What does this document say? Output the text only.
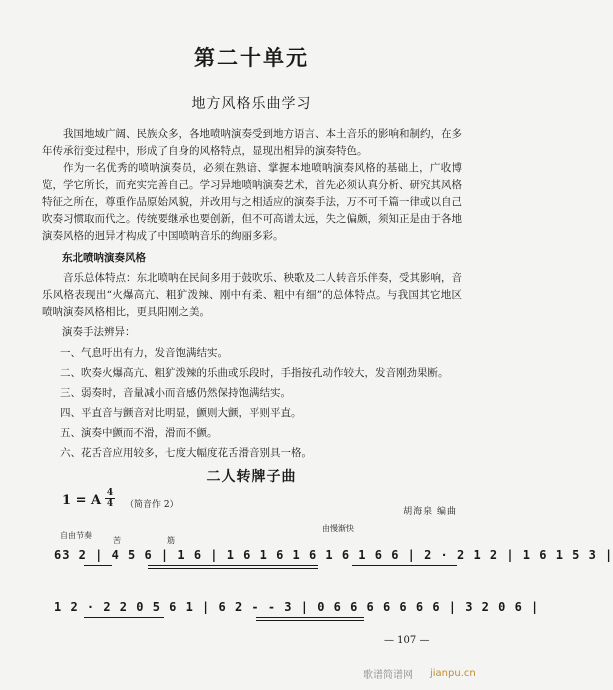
第二十单元
地方风格乐曲学习

我国地域广阔、民族众多，各地喷呐演奏受到地方语言、本土音乐的影响和制约，在多年传承衍变过程中，形成了自身的风格特点，显现出相异的演奏特色。

作为一名优秀的喷呐演奏员，必须在熟谙、掌握本地喷呐演奏风格的基础上，广收博览，学它所长，而充实完善自己。学习异地喷呐演奏艺术，首先必须认真分析、研究其风格特征之所在，尊重作品原始风貌，并改用与之相适应的演奏手法，万不可千篇一律或以自己吹奏习惯取而代之。传统要继承也要创新，但不可高谱太远，失之偏颇，须知正是由于各地演奏风格的迥异才构成了中国喷呐音乐的绚丽多彩。

东北喷呐演奏风格

音乐总体特点：东北喷呐在民间多用于鼓吹乐、秧歌及二人转音乐伴奏，受其影响，音乐风格表现出“火爆高亢、粗犷泼辣、刚中有柔、粗中有细”的总体特点。与我国其它地区喷呐演奏风格相比，更具阳刚之美。

演奏手法辨异：
一、气息吁出有力，发音饱满结实。
二、吹奏火爆高亢、粗犷泼辣的乐曲或乐段时，手指按孔动作较大，发音刚劲果断。
三、弱奏时，音量减小而音感仍然保持饱满结实。
四、平直音与颤音对比明显，颤则大颤，平则平直。
五、演奏中颤而不滑，滑而不颤。
六、花舌音应用较多，七度大幅度花舌滑音别具一格。
二人转牌子曲
1 = A 4
4 （简音作 2）
胡海泉 编曲
自由节奏
由慢渐快
苦	筋
63 2 | 4 5 6 | 1 6 | 1 6 1 6 1 6 1 6 1 6 6 | 2 · 2 1 2 | 1 6 1 5 3 |
1 2 · 2 2 0 5 6 1 | 6 2 - - 3 | 0 6 6 6 6 6 6 6 | 3 2 0 6 |
— 107 —
歌谱简谱网 jianpu.cn
